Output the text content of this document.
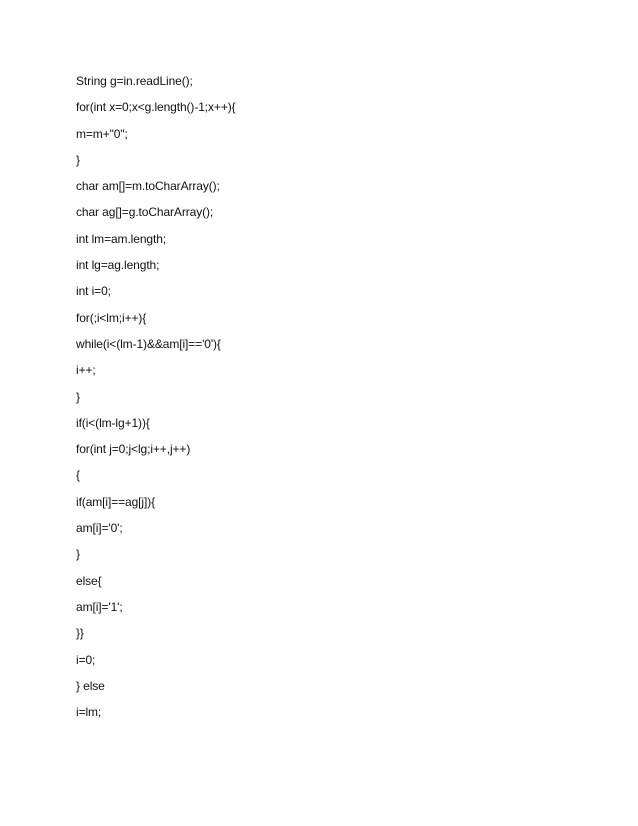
String g=in.readLine();
for(int x=0;x<g.length()-1;x++){
m=m+"0";
}
char am[]=m.toCharArray();
char ag[]=g.toCharArray();
int lm=am.length;
int lg=ag.length;
int i=0;
for(;i<lm;i++){
while(i<(lm-1)&&am[i]=='0'){
i++;
}
if(i<(lm-lg+1)){
for(int j=0;j<lg;i++,j++)
{
if(am[i]==ag[j]){
am[i]='0';
}
else{
am[i]='1';
}}
i=0;
} else
i=lm;
